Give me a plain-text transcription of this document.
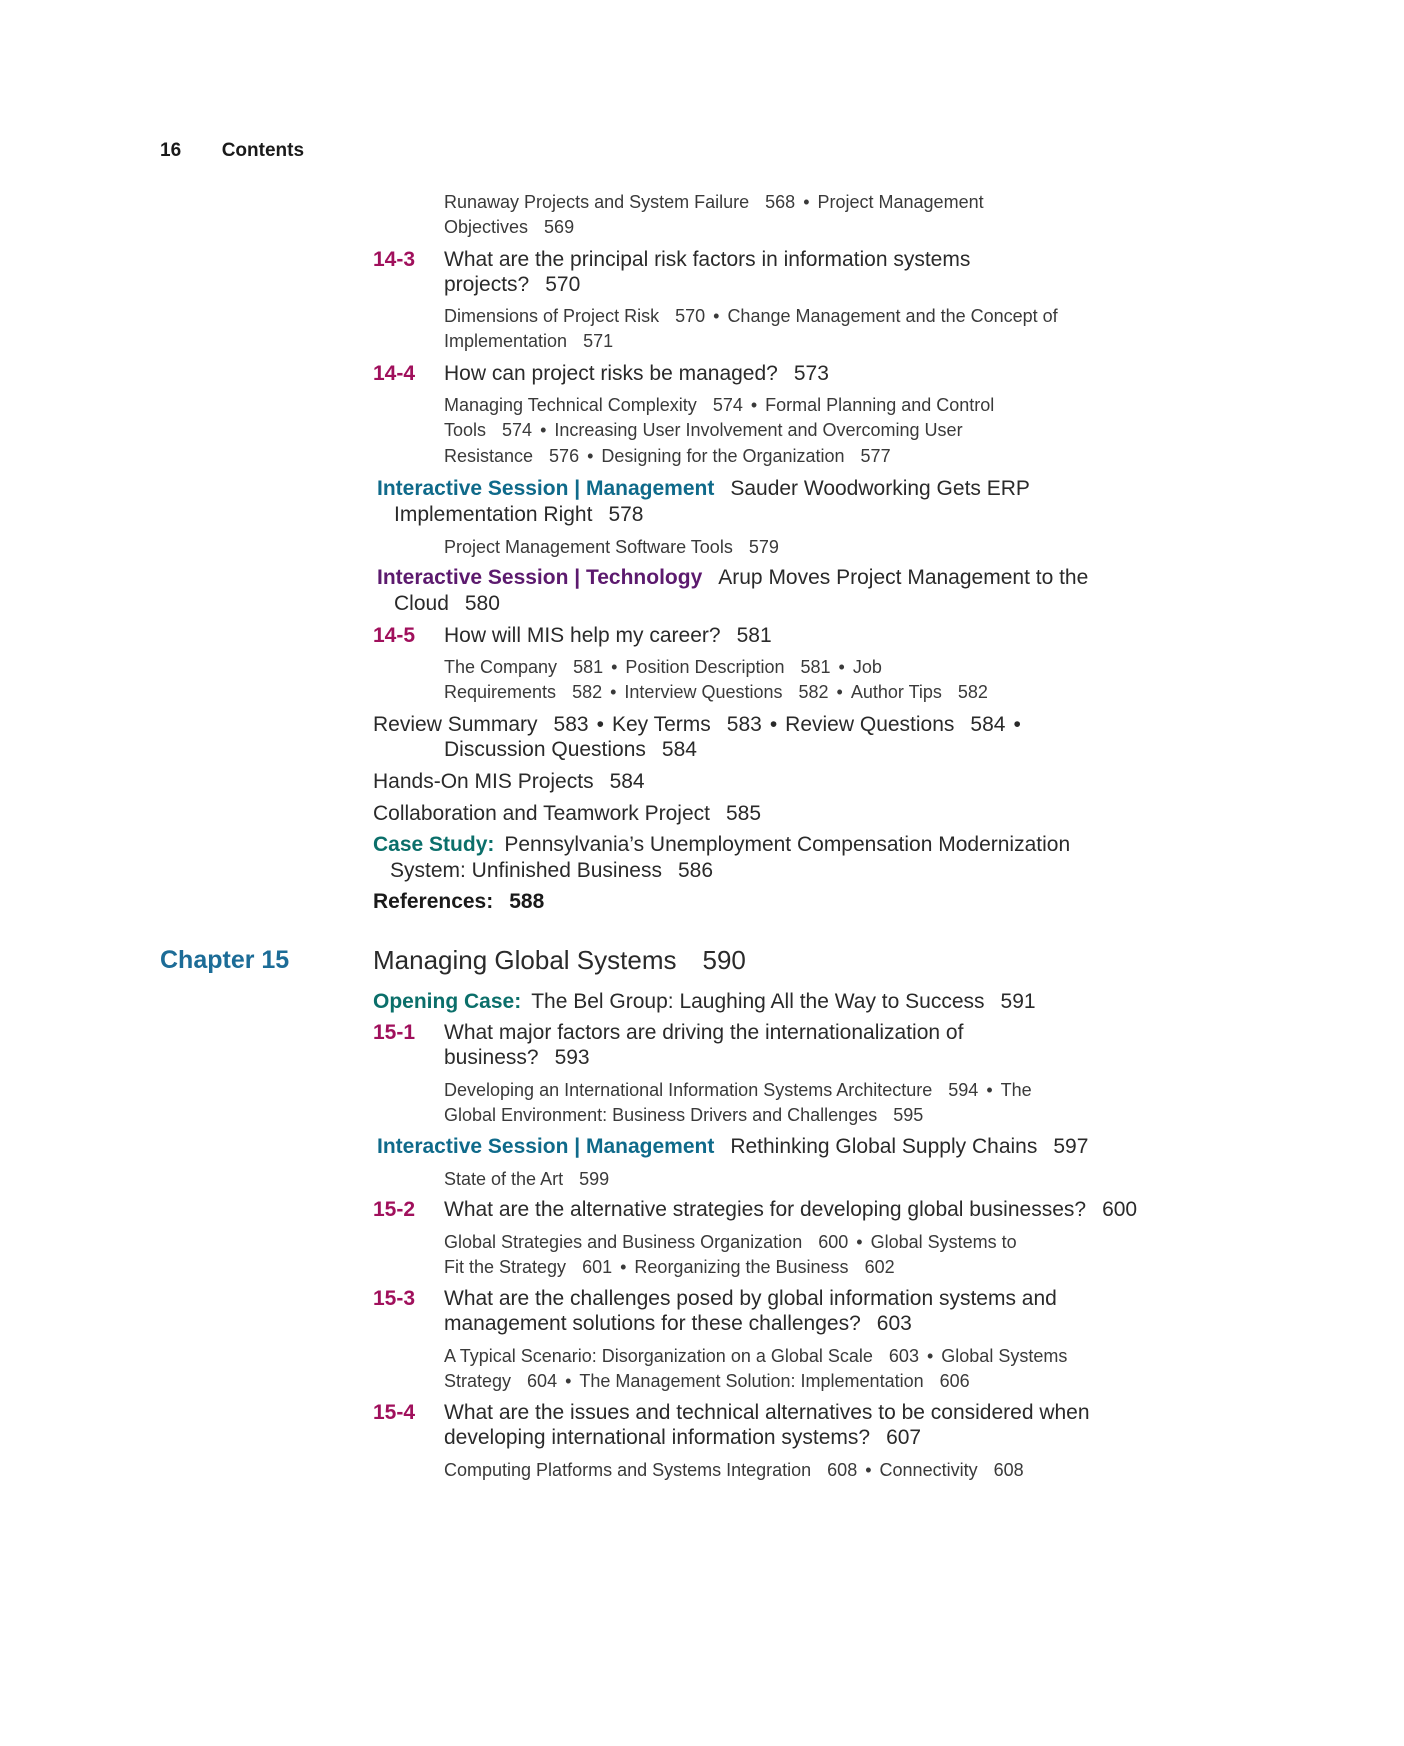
16 Contents
Runaway Projects and System Failure 568 • Project Management
Objectives 569
14-3 What are the principal risk factors in information systems
projects? 570
Dimensions of Project Risk 570 • Change Management and the Concept of
Implementation 571
14-4 How can project risks be managed? 573
Managing Technical Complexity 574 • Formal Planning and Control
Tools 574 • Increasing User Involvement and Overcoming User
Resistance 576 • Designing for the Organization 577
Interactive Session | Management Sauder Woodworking Gets ERP
Implementation Right 578
Project Management Software Tools 579
Interactive Session | Technology Arup Moves Project Management to the
Cloud 580
14-5 How will MIS help my career? 581
The Company 581 • Position Description 581 • Job
Requirements 582 • Interview Questions 582 • Author Tips 582
Review Summary 583 • Key Terms 583 • Review Questions 584 •
Discussion Questions 584
Hands-On MIS Projects 584
Collaboration and Teamwork Project 585
Case Study: Pennsylvania’s Unemployment Compensation Modernization
System: Unfinished Business 586
References: 588
Chapter 15	Managing Global Systems 590
Opening Case: The Bel Group: Laughing All the Way to Success 591
15-1 What major factors are driving the internationalization of
business? 593
Developing an International Information Systems Architecture 594 • The
Global Environment: Business Drivers and Challenges 595
Interactive Session | Management Rethinking Global Supply Chains 597
State of the Art 599
15-2 What are the alternative strategies for developing global businesses? 600
Global Strategies and Business Organization 600 • Global Systems to
Fit the Strategy 601 • Reorganizing the Business 602
15-3 What are the challenges posed by global information systems and
management solutions for these challenges? 603
A Typical Scenario: Disorganization on a Global Scale 603 • Global Systems
Strategy 604 • The Management Solution: Implementation 606
15-4 What are the issues and technical alternatives to be considered when
developing international information systems? 607
Computing Platforms and Systems Integration 608 • Connectivity 608
